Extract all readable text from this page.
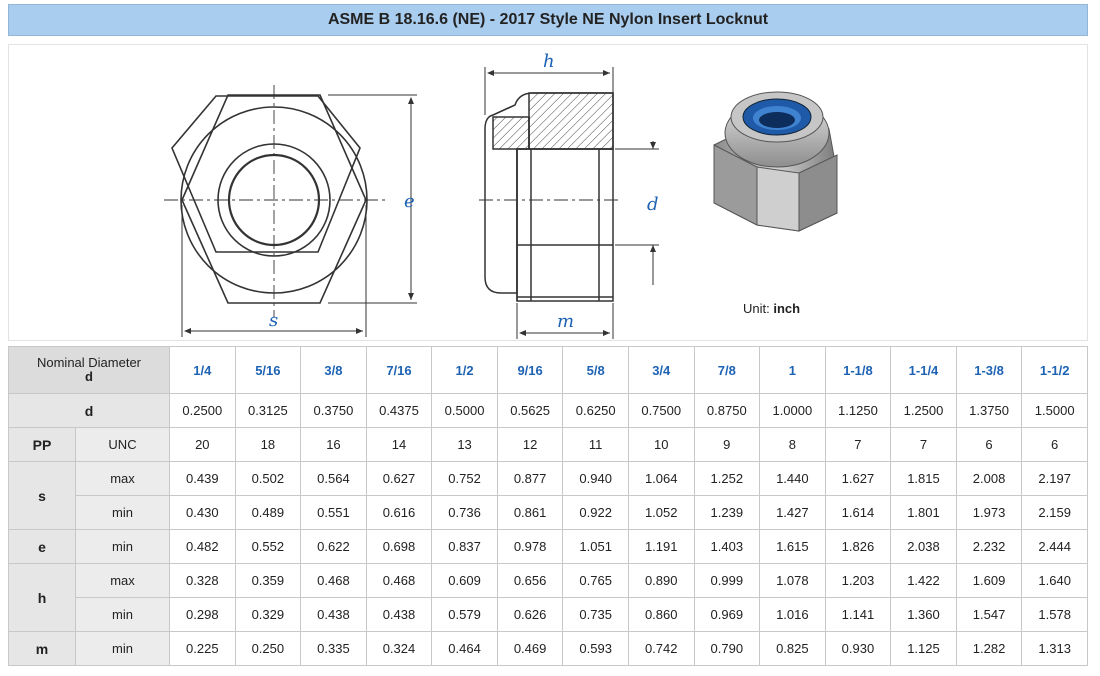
ASME B 18.16.6 (NE) - 2017 Style NE Nylon Insert Locknut
e
s
h
m
d
Unit: inch
Nominal Diameter
d		1/4	5/16	3/8	7/16	1/2	9/16	5/8	3/4	7/8	1	1-1/8	1-1/4	1-3/8	1-1/2
d		0.2500	0.3125	0.3750	0.4375	0.5000	0.5625	0.6250	0.7500	0.8750	1.0000	1.1250	1.2500	1.3750	1.5000
PP	UNC	20	18	16	14	13	12	11	10	9	8	7	7	6	6
s	max	0.439	0.502	0.564	0.627	0.752	0.877	0.940	1.064	1.252	1.440	1.627	1.815	2.008	2.197
	min	0.430	0.489	0.551	0.616	0.736	0.861	0.922	1.052	1.239	1.427	1.614	1.801	1.973	2.159
e	min	0.482	0.552	0.622	0.698	0.837	0.978	1.051	1.191	1.403	1.615	1.826	2.038	2.232	2.444
h	max	0.328	0.359	0.468	0.468	0.609	0.656	0.765	0.890	0.999	1.078	1.203	1.422	1.609	1.640
	min	0.298	0.329	0.438	0.438	0.579	0.626	0.735	0.860	0.969	1.016	1.141	1.360	1.547	1.578
m	min	0.225	0.250	0.335	0.324	0.464	0.469	0.593	0.742	0.790	0.825	0.930	1.125	1.282	1.313
